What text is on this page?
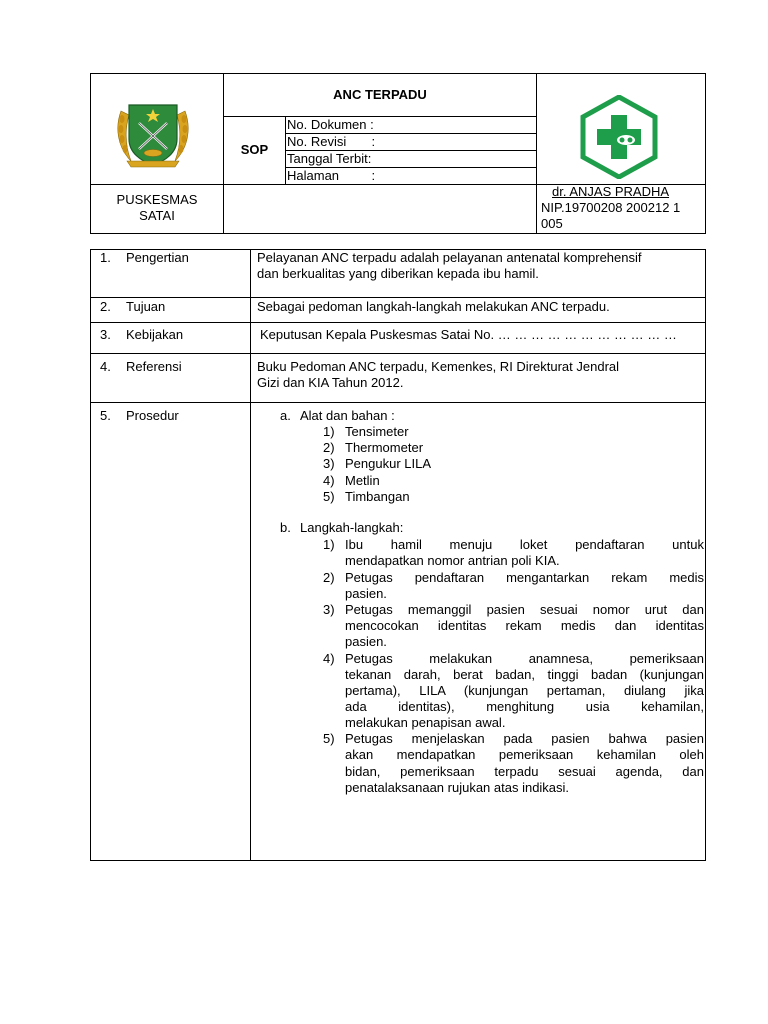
ANC TERPADU
SOP
No. Dokumen :
No. Revisi       :
Tanggal Terbit:
Halaman         :
PUSKESMAS
SATAI
dr. ANJAS PRADHA
NIP.19700208 200212 1
005
1. Pengertian	Pelayanan ANC terpadu adalah pelayanan antenatal komprehensif
dan berkualitas yang diberikan kepada ibu hamil.
2. Tujuan	Sebagai pedoman langkah-langkah melakukan ANC terpadu.
3. Kebijakan	Keputusan Kepala Puskesmas Satai No. … … … … … … … … … … …
4. Referensi	Buku Pedoman ANC terpadu, Kemenkes, RI Direkturat Jendral
Gizi dan KIA Tahun 2012.
5. Prosedur	a. Alat dan bahan :
1) Tensimeter
2) Thermometer
3) Pengukur LILA
4) Metlin
5) Timbangan
b. Langkah-langkah:
1) Ibu hamil menuju loket pendaftaran untuk
mendapatkan nomor antrian poli KIA.
2) Petugas pendaftaran mengantarkan rekam medis
pasien.
3) Petugas memanggil pasien sesuai nomor urut dan
mencocokan identitas rekam medis dan identitas
pasien.
4) Petugas melakukan anamnesa, pemeriksaan
tekanan darah, berat badan, tinggi badan (kunjungan
pertama), LILA (kunjungan pertaman, diulang jika
ada identitas), menghitung usia kehamilan,
melakukan penapisan awal.
5) Petugas menjelaskan pada pasien bahwa pasien
akan mendapatkan pemeriksaan kehamilan oleh
bidan, pemeriksaan terpadu sesuai agenda, dan
penatalaksanaan rujukan atas indikasi.
